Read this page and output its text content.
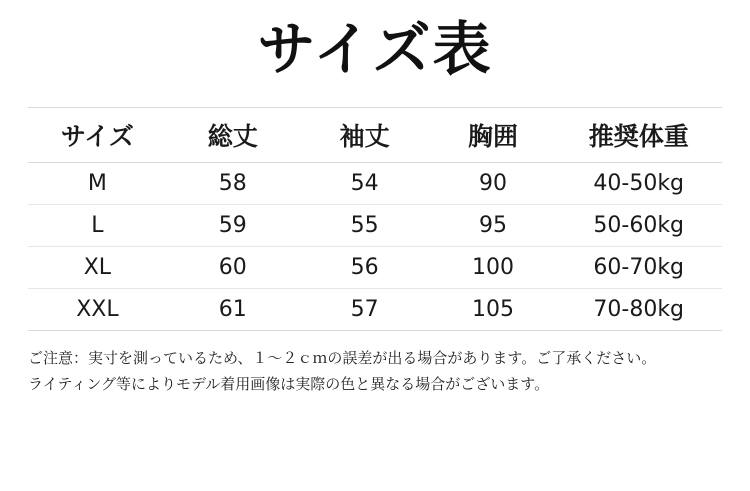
サイズ表
サイズ	総丈	袖丈	胸囲	推奨体重
M	58	54	90	40-50kg
L	59	55	95	50-60kg
XL	60	56	100	60-70kg
XXL	61	57	105	70-80kg

ご注意：実寸を測っているため、１～２ｃｍの誤差が出る場合があります。ご了承ください。

ライティング等によりモデル着用画像は実際の色と異なる場合がございます。
